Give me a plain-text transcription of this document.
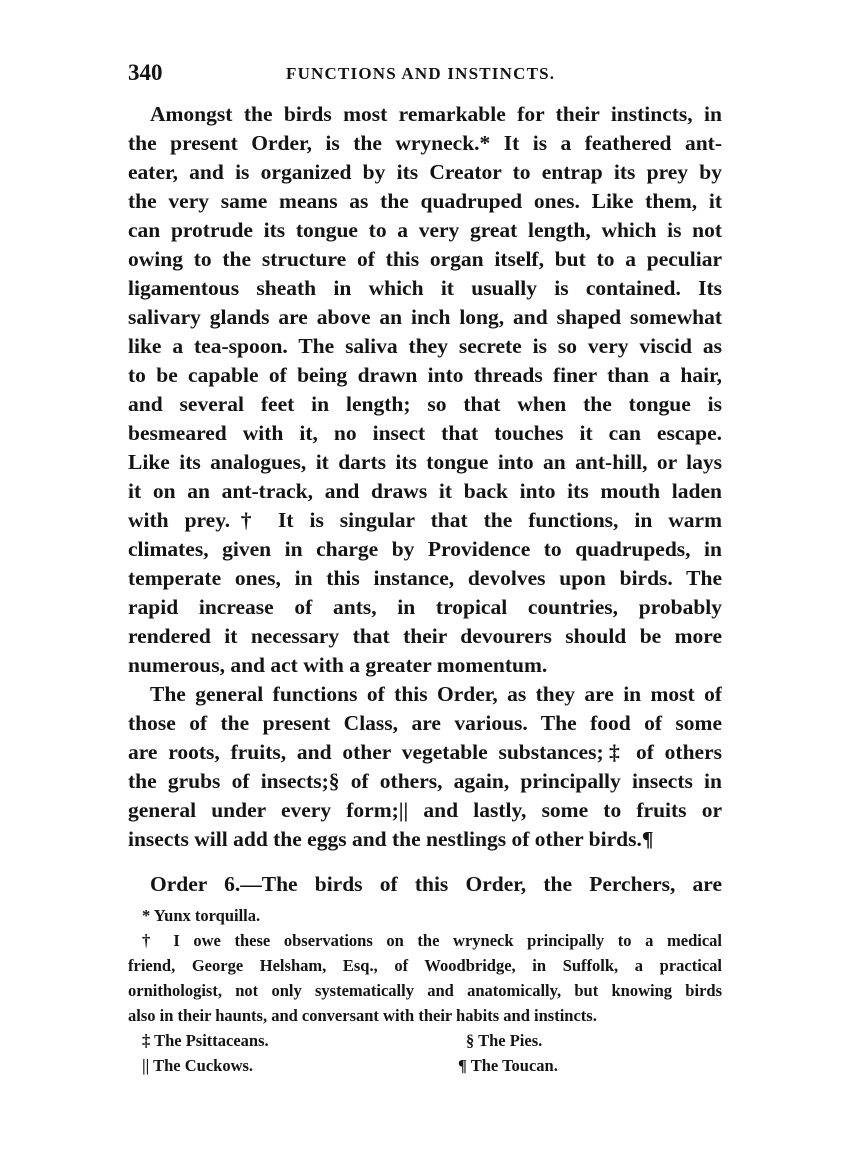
340	FUNCTIONS AND INSTINCTS.
Amongst the birds most remarkable for their instincts, in
the present Order, is the wryneck.* It is a feathered ant-
eater, and is organized by its Creator to entrap its prey by
the very same means as the quadruped ones. Like them, it
can protrude its tongue to a very great length, which is not
owing to the structure of this organ itself, but to a peculiar
ligamentous sheath in which it usually is contained. Its
salivary glands are above an inch long, and shaped somewhat
like a tea-spoon. The saliva they secrete is so very viscid as
to be capable of being drawn into threads finer than a hair,
and several feet in length; so that when the tongue is
besmeared with it, no insect that touches it can escape.
Like its analogues, it darts its tongue into an ant-hill, or lays
it on an ant-track, and draws it back into its mouth laden
with prey.† It is singular that the functions, in warm
climates, given in charge by Providence to quadrupeds, in
temperate ones, in this instance, devolves upon birds. The
rapid increase of ants, in tropical countries, probably
rendered it necessary that their devourers should be more
numerous, and act with a greater momentum.
The general functions of this Order, as they are in most of
those of the present Class, are various. The food of some
are roots, fruits, and other vegetable substances;‡ of others
the grubs of insects;§ of others, again, principally insects in
general under every form;|| and lastly, some to fruits or
insects will add the eggs and the nestlings of other birds.¶
Order 6.—The birds of this Order, the Perchers, are
* Yunx torquilla.
† I owe these observations on the wryneck principally to a medical
friend, George Helsham, Esq., of Woodbridge, in Suffolk, a practical
ornithologist, not only systematically and anatomically, but knowing birds
also in their haunts, and conversant with their habits and instincts.
‡ The Psittaceans.	§ The Pies.
|| The Cuckows.	¶ The Toucan.
